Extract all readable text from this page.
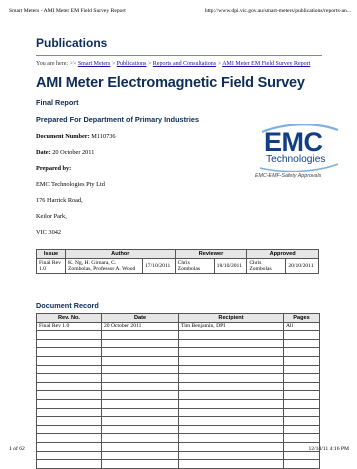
Smart Meters - AMI Meter EM Field Survey Report	http://www.dpi.vic.gov.au/smart-meters/publications/reports-an...
Publications
You are here: >> Smart Meters > Publications > Reports and Consultations > AMI Meter EM Field Survey Report
AMI Meter Electromagnetic Field Survey
Final Report
Prepared For Department of Primary Industries
Document Number: M110736
Date: 20 October 2011
Prepared by:
EMC Technologies Pty Ltd
176 Harrick Road,
Keilor Park,
VIC 3042
EMC
Technologies
EMC-EMF-Safety Approvals
Issue	Author		Reviewer		Approved	
Final Rev 1.0	K. Ng, H. Girnara, C. Zombolas, Professor A. Wood	17/10/2011	Chris Zombolas	18/10/2011	Chris Zombolas	20/10/2011
Document Record
Rev. No.	Date	Recipient	Pages
Final Rev 1.0	20 October 2011	Tim Benjamin, DPI	All

1 of 62	12/14/11 4:16 PM
